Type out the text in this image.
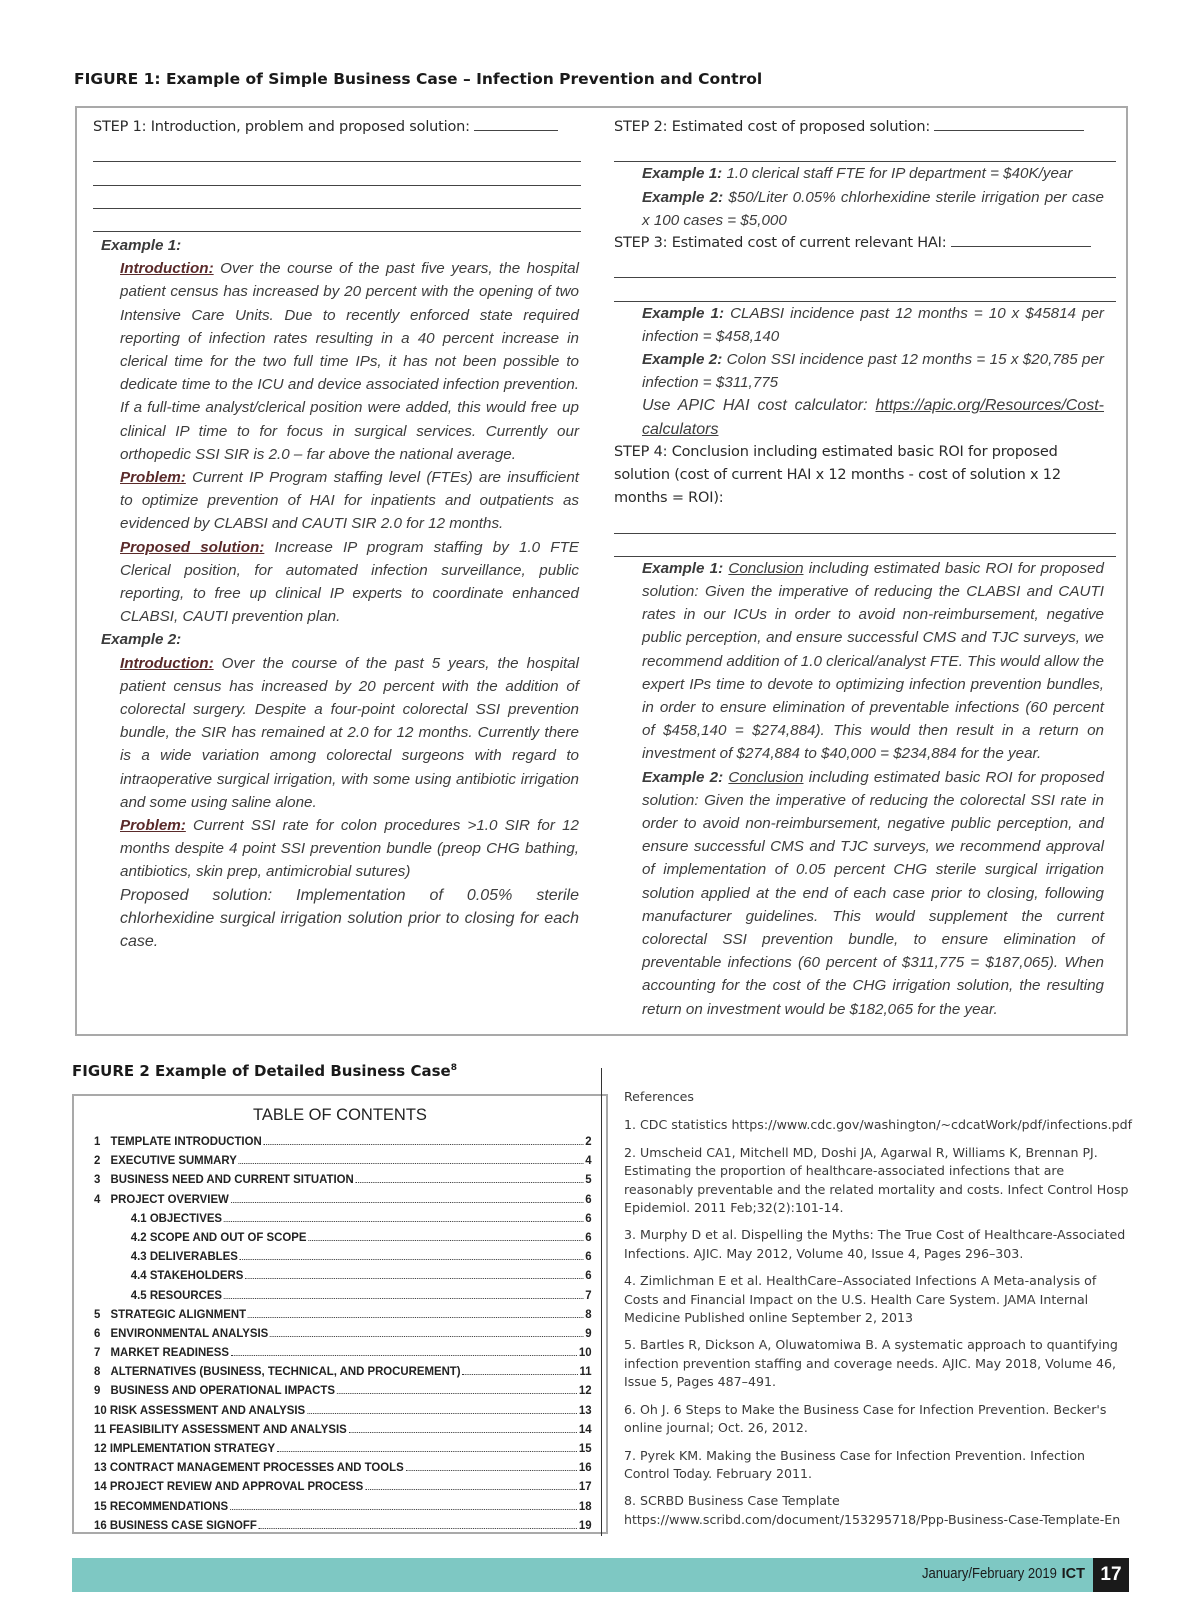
FIGURE 1: Example of Simple Business Case – Infection Prevention and Control
STEP 1: Introduction, problem and proposed solution:
Example 1:
Introduction: Over the course of the past five years, the hospital patient census has increased by 20 percent with the opening of two Intensive Care Units. Due to recently enforced state required reporting of infection rates resulting in a 40 percent increase in clerical time for the two full time IPs, it has not been possible to dedicate time to the ICU and device associated infection prevention. If a full-time analyst/clerical position were added, this would free up clinical IP time to for focus in surgical services. Currently our orthopedic SSI SIR is 2.0 – far above the national average.
Problem: Current IP Program staffing level (FTEs) are insufficient to optimize prevention of HAI for inpatients and outpatients as evidenced by CLABSI and CAUTI SIR 2.0 for 12 months.
Proposed solution: Increase IP program staffing by 1.0 FTE Clerical position, for automated infection surveillance, public reporting, to free up clinical IP experts to coordinate enhanced CLABSI, CAUTI prevention plan.
Example 2:
Introduction: Over the course of the past 5 years, the hospital patient census has increased by 20 percent with the addition of colorectal surgery. Despite a four-point colorectal SSI prevention bundle, the SIR has remained at 2.0 for 12 months. Currently there is a wide variation among colorectal surgeons with regard to intraoperative surgical irrigation, with some using antibiotic irrigation and some using saline alone.
Problem: Current SSI rate for colon procedures >1.0 SIR for 12 months despite 4 point SSI prevention bundle (preop CHG bathing, antibiotics, skin prep, antimicrobial sutures)
Proposed solution: Implementation of 0.05% sterile chlorhexidine surgical irrigation solution prior to closing for each case.
STEP 2: Estimated cost of proposed solution:
Example 1: 1.0 clerical staff FTE for IP department = $40K/year
Example 2: $50/Liter 0.05% chlorhexidine sterile irrigation per case x 100 cases = $5,000
STEP 3: Estimated cost of current relevant HAI:
Example 1: CLABSI incidence past 12 months = 10 x $45814 per infection = $458,140
Example 2: Colon SSI incidence past 12 months = 15 x $20,785 per infection = $311,775
Use APIC HAI cost calculator: https://apic.org/Resources/Cost-calculators
STEP 4: Conclusion including estimated basic ROI for proposed solution (cost of current HAI x 12 months - cost of solution x 12 months = ROI):
Example 1: Conclusion including estimated basic ROI for proposed solution: Given the imperative of reducing the CLABSI and CAUTI rates in our ICUs in order to avoid non-reimbursement, negative public perception, and ensure successful CMS and TJC surveys, we recommend addition of 1.0 clerical/analyst FTE. This would allow the expert IPs time to devote to optimizing infection prevention bundles, in order to ensure elimination of preventable infections (60 percent of $458,140 = $274,884). This would then result in a return on investment of $274,884 to $40,000 = $234,884 for the year.
Example 2: Conclusion including estimated basic ROI for proposed solution: Given the imperative of reducing the colorectal SSI rate in order to avoid non-reimbursement, negative public perception, and ensure successful CMS and TJC surveys, we recommend approval of implementation of 0.05 percent CHG sterile surgical irrigation solution applied at the end of each case prior to closing, following manufacturer guidelines. This would supplement the current colorectal SSI prevention bundle, to ensure elimination of preventable infections (60 percent of $311,775 = $187,065). When accounting for the cost of the CHG irrigation solution, the resulting return on investment would be $182,065 for the year.
FIGURE 2 Example of Detailed Business Case$^8$
TABLE OF CONTENTS
1 TEMPLATE INTRODUCTION	2
2 EXECUTIVE SUMMARY	4
3 BUSINESS NEED AND CURRENT SITUATION	5
4 PROJECT OVERVIEW	6
4.1 OBJECTIVES	6
4.2 SCOPE AND OUT OF SCOPE	6
4.3 DELIVERABLES	6
4.4 STAKEHOLDERS	6
4.5 RESOURCES	7
5 STRATEGIC ALIGNMENT	8
6 ENVIRONMENTAL ANALYSIS	9
7 MARKET READINESS	10
8 ALTERNATIVES (BUSINESS, TECHNICAL, AND PROCUREMENT)	11
9 BUSINESS AND OPERATIONAL IMPACTS	12
10 RISK ASSESSMENT AND ANALYSIS	13
11 FEASIBILITY ASSESSMENT AND ANALYSIS	14
12 IMPLEMENTATION STRATEGY	15
13 CONTRACT MANAGEMENT PROCESSES AND TOOLS	16
14 PROJECT REVIEW AND APPROVAL PROCESS	17
15 RECOMMENDATIONS	18
16 BUSINESS CASE SIGNOFF	19
References
1. CDC statistics https://www.cdc.gov/washington/~cdcatWork/pdf/infections.pdf
2. Umscheid CA1, Mitchell MD, Doshi JA, Agarwal R, Williams K, Brennan PJ. Estimating the proportion of healthcare-associated infections that are reasonably preventable and the related mortality and costs. Infect Control Hosp Epidemiol. 2011 Feb;32(2):101-14.
3. Murphy D et al. Dispelling the Myths: The True Cost of Healthcare-Associated Infections. AJIC. May 2012, Volume 40, Issue 4, Pages 296–303.
4. Zimlichman E et al. HealthCare–Associated Infections A Meta-analysis of Costs and Financial Impact on the U.S. Health Care System. JAMA Internal Medicine Published online September 2, 2013
5. Bartles R, Dickson A, Oluwatomiwa B. A systematic approach to quantifying infection prevention staffing and coverage needs. AJIC. May 2018, Volume 46, Issue 5, Pages 487–491.
6. Oh J. 6 Steps to Make the Business Case for Infection Prevention. Becker's online journal; Oct. 26, 2012.
7. Pyrek KM. Making the Business Case for Infection Prevention. Infection Control Today. February 2011.
8. SCRBD Business Case Template https://www.scribd.com/document/153295718/Ppp-Business-Case-Template-En
January/February 2019 ICT 17
